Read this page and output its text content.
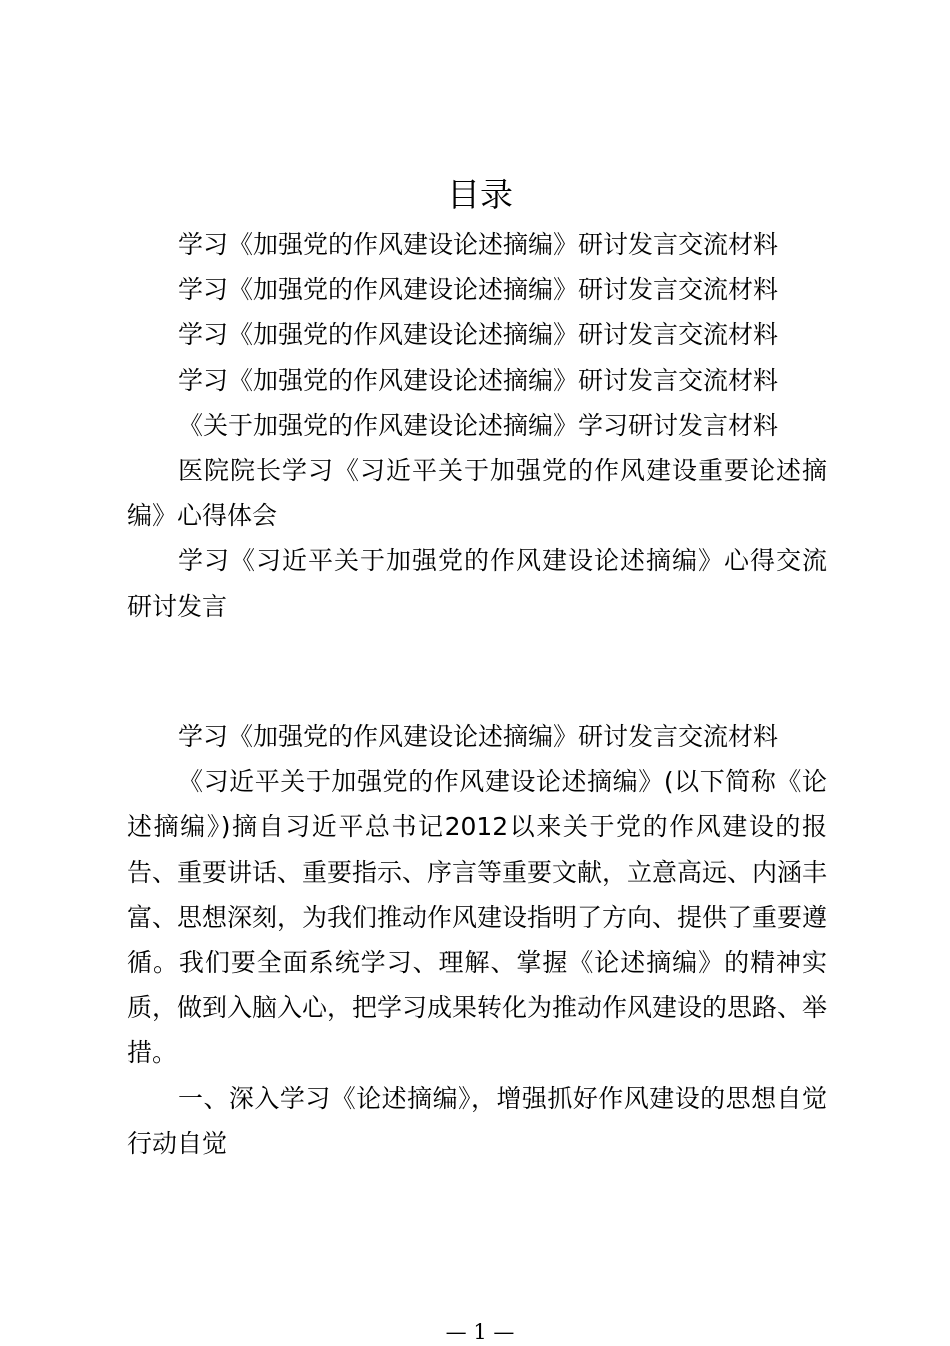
目录

学习《加强党的作风建设论述摘编》研讨发言交流材料

学习《加强党的作风建设论述摘编》研讨发言交流材料

学习《加强党的作风建设论述摘编》研讨发言交流材料

学习《加强党的作风建设论述摘编》研讨发言交流材料

《关于加强党的作风建设论述摘编》学习研讨发言材料

医院院长学习《习近平关于加强党的作风建设重要论述摘编》心得体会

学习《习近平关于加强党的作风建设论述摘编》心得交流研讨发言

学习《加强党的作风建设论述摘编》研讨发言交流材料

《习近平关于加强党的作风建设论述摘编》(以下简称《论述摘编》)摘自习近平总书记2012以来关于党的作风建设的报告、重要讲话、重要指示、序言等重要文献，立意高远、内涵丰富、思想深刻，为我们推动作风建设指明了方向、提供了重要遵循。我们要全面系统学习、理解、掌握《论述摘编》的精神实质，做到入脑入心，把学习成果转化为推动作风建设的思路、举措。

一、深入学习《论述摘编》，增强抓好作风建设的思想自觉行动自觉

— 1 —
